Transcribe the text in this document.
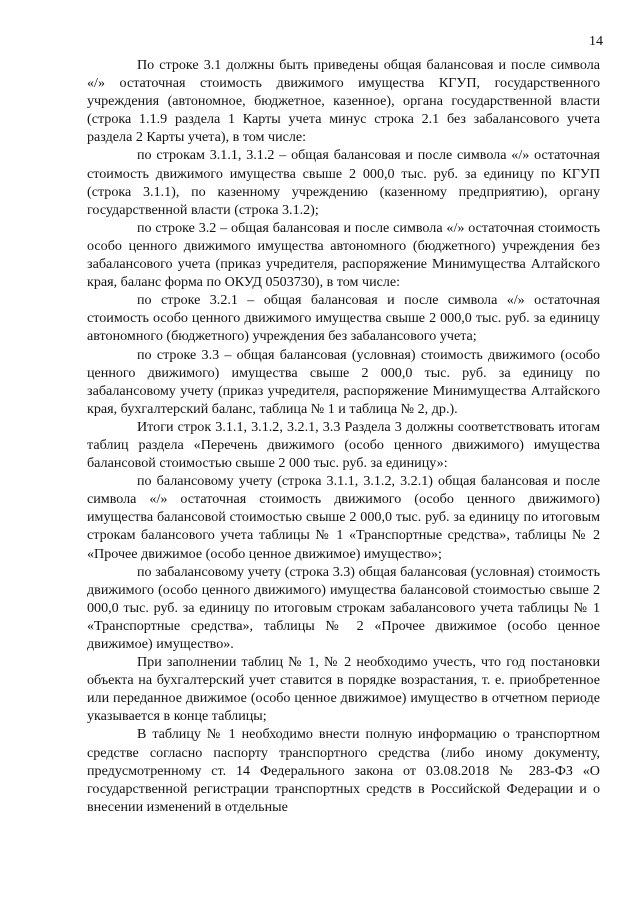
14

По строке 3.1 должны быть приведены общая балансовая и после символа «/» остаточная стоимость движимого имущества КГУП, государственного учреждения (автономное, бюджетное, казенное), органа государственной власти (строка 1.1.9 раздела 1 Карты учета минус строка 2.1 без забалансового учета раздела 2 Карты учета), в том числе:

по строкам 3.1.1, 3.1.2 – общая балансовая и после символа «/» остаточная стоимость движимого имущества свыше 2 000,0 тыс. руб. за единицу по КГУП (строка 3.1.1), по казенному учреждению (казенному предприятию), органу государственной власти (строка 3.1.2);

по строке 3.2 – общая балансовая и после символа «/» остаточная стоимость особо ценного движимого имущества автономного (бюджетного) учреждения без забалансового учета (приказ учредителя, распоряжение Минимущества Алтайского края, баланс форма по ОКУД 0503730), в том числе:

по строке 3.2.1 – общая балансовая и после символа «/» остаточная стоимость особо ценного движимого имущества свыше 2 000,0 тыс. руб. за единицу автономного (бюджетного) учреждения без забалансового учета;

по строке 3.3 – общая балансовая (условная) стоимость движимого (особо ценного движимого) имущества свыше 2 000,0 тыс. руб. за единицу по забалансовому учету (приказ учредителя, распоряжение Минимущества Алтайского края, бухгалтерский баланс, таблица № 1 и таблица № 2, др.).

Итоги строк 3.1.1, 3.1.2, 3.2.1, 3.3 Раздела 3 должны соответствовать итогам таблиц раздела «Перечень движимого (особо ценного движимого) имущества балансовой стоимостью свыше 2 000 тыс. руб. за единицу»:

по балансовому учету (строка 3.1.1, 3.1.2, 3.2.1) общая балансовая и после символа «/» остаточная стоимость движимого (особо ценного движимого) имущества балансовой стоимостью свыше 2 000,0 тыс. руб. за единицу по итоговым строкам балансового учета таблицы № 1 «Транспортные средства», таблицы № 2 «Прочее движимое (особо ценное движимое) имущество»;

по забалансовому учету (строка 3.3) общая балансовая (условная) стоимость движимого (особо ценного движимого) имущества балансовой стоимостью свыше 2 000,0 тыс. руб. за единицу по итоговым строкам забалансового учета таблицы № 1 «Транспортные средства», таблицы № 2 «Прочее движимое (особо ценное движимое) имущество».

При заполнении таблиц № 1, № 2 необходимо учесть, что год постановки объекта на бухгалтерский учет ставится в порядке возрастания, т. е. приобретенное или переданное движимое (особо ценное движимое) имущество в отчетном периоде указывается в конце таблицы;

В таблицу № 1 необходимо внести полную информацию о транспортном средстве согласно паспорту транспортного средства (либо иному документу, предусмотренному ст. 14 Федерального закона от 03.08.2018 № 283-ФЗ «О государственной регистрации транспортных средств в Российской Федерации и о внесении изменений в отдельные
